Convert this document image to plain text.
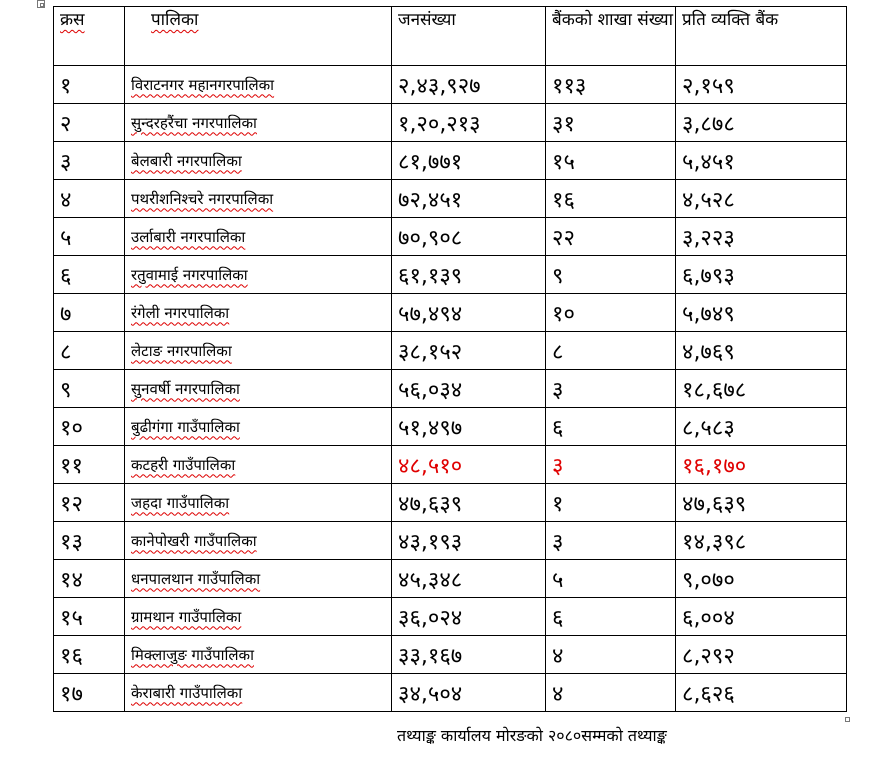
क्रस	पालिका	जनसंख्या	बैंकको शाखा संख्या	प्रति व्यक्ति बैंक
१	विराटनगर महानगरपालिका	२,४३,९२७	११३	२,१५९
२	सुन्दरहरैंचा नगरपालिका	१,२०,२१३	३१	३,८७८
३	बेलबारी नगरपालिका	८१,७७१	१५	५,४५१
४	पथरीशनिश्चरे नगरपालिका	७२,४५१	१६	४,५२८
५	उर्लाबारी नगरपालिका	७०,९०८	२२	३,२२३
६	रतुवामाई नगरपालिका	६१,१३९	९	६,७९३
७	रंगेली नगरपालिका	५७,४९४	१०	५,७४९
८	लेटाङ नगरपालिका	३८,१५२	८	४,७६९
९	सुनवर्षी नगरपालिका	५६,०३४	३	१८,६७८
१०	बुढीगंगा गाउँपालिका	५१,४९७	६	८,५८३
११	कटहरी गाउँपालिका	४८,५१०	३	१६,१७०
१२	जहदा गाउँपालिका	४७,६३९	१	४७,६३९
१३	कानेपोखरी गाउँपालिका	४३,१९३	३	१४,३९८
१४	धनपालथान गाउँपालिका	४५,३४८	५	९,०७०
१५	ग्रामथान गाउँपालिका	३६,०२४	६	६,००४
१६	मिक्लाजुङ गाउँपालिका	३३,१६७	४	८,२९२
१७	केराबारी गाउँपालिका	३४,५०४	४	८,६२६
तथ्याङ्क कार्यालय मोरङको २०८०सम्मको तथ्याङ्क
